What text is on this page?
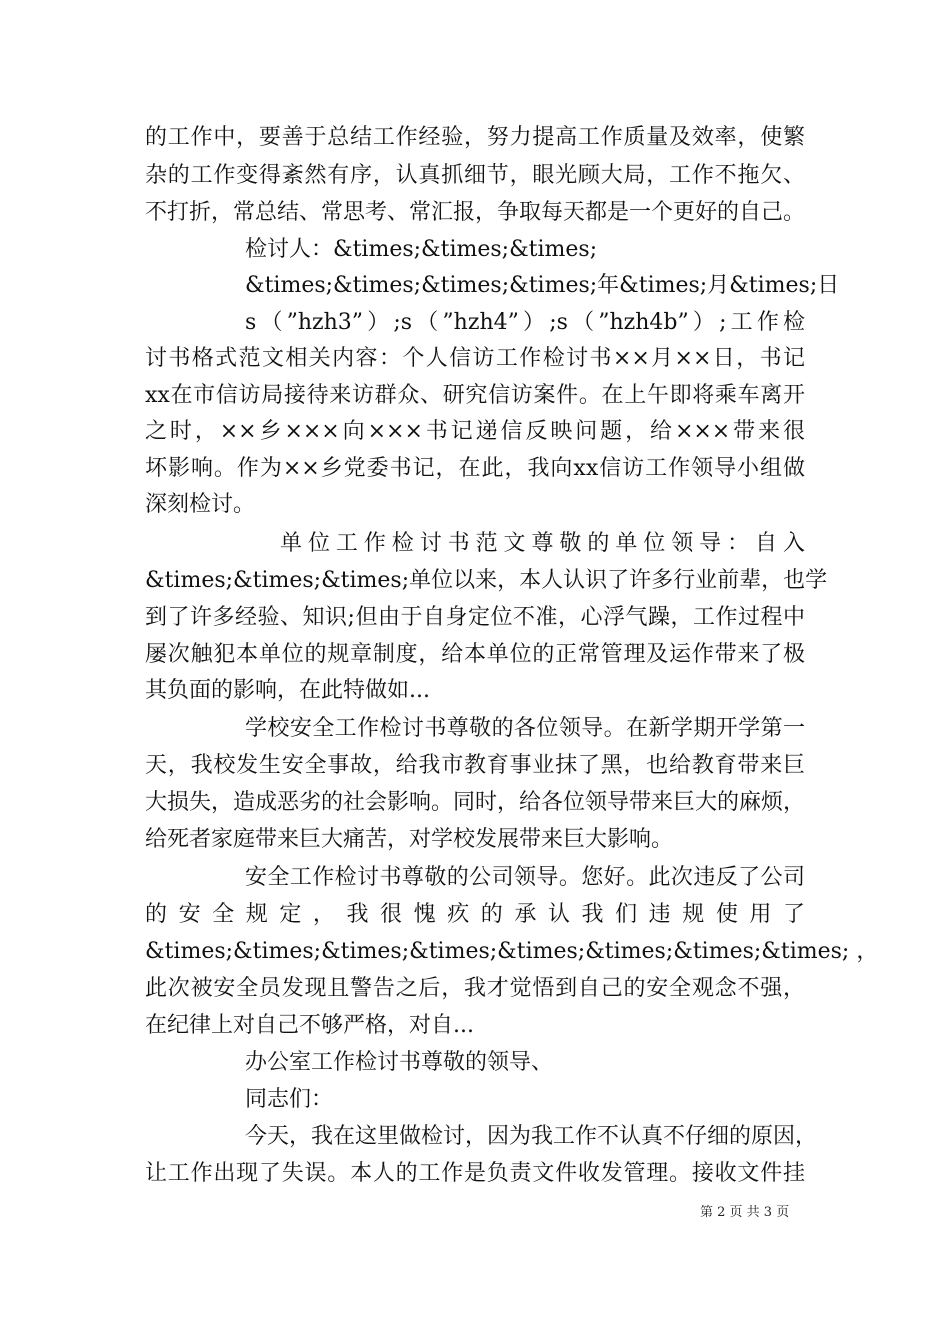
的工作中，要善于总结工作经验，努力提高工作质量及效率，使繁
杂的工作变得紊然有序，认真抓细节，眼光顾大局，工作不拖欠、
不打折，常总结、常思考、常汇报，争取每天都是一个更好的自己。
检讨人：&times;&times;&times;
&times;&times;&times;&times;年&times;月&times;日
s（”hzh3”）;s（”hzh4”）;s（”hzh4b”）;工作检
讨书格式范文相关内容：个人信访工作检讨书××月××日，书记
xx在市信访局接待来访群众、研究信访案件。在上午即将乘车离开
之时，××乡×××向×××书记递信反映问题，给×××带来很
坏影响。作为××乡党委书记，在此，我向xx信访工作领导小组做
深刻检讨。
单位工作检讨书范文尊敬的单位领导：自入
&times;&times;&times;单位以来，本人认识了许多行业前辈，也学
到了许多经验、知识;但由于自身定位不准，心浮气躁，工作过程中
屡次触犯本单位的规章制度，给本单位的正常管理及运作带来了极
其负面的影响，在此特做如...
学校安全工作检讨书尊敬的各位领导。在新学期开学第一
天，我校发生安全事故，给我市教育事业抹了黑，也给教育带来巨
大损失，造成恶劣的社会影响。同时，给各位领导带来巨大的麻烦，
给死者家庭带来巨大痛苦，对学校发展带来巨大影响。
安全工作检讨书尊敬的公司领导。您好。此次违反了公司
的安全规定，我很愧疚的承认我们违规使用了
&times;&times;&times;&times;&times;&times;&times;&times; ，
此次被安全员发现且警告之后，我才觉悟到自己的安全观念不强，
在纪律上对自己不够严格，对自...
办公室工作检讨书尊敬的领导、
同志们：
今天，我在这里做检讨，因为我工作不认真不仔细的原因，
让工作出现了失误。本人的工作是负责文件收发管理。接收文件挂
第 2 页 共 3 页
